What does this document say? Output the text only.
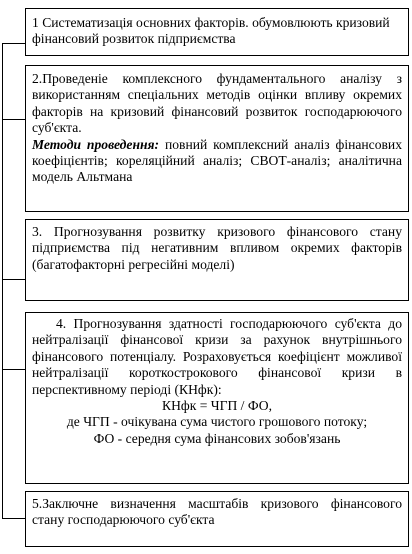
1 Систематизація основних факторів. обумовлюють кризовий фінансовий розвиток підприємства

2.Проведеніе комплексного фундаментального аналізу з використанням спеціальних методів оцінки впливу окремих факторів на кризовий фінансовий розвиток господарюючого суб'єкта.

Методи проведення: повний комплексний аналіз фінансових коефіцієнтів; кореляційний аналіз; СВОТ-аналіз; аналітична модель Альтмана

3. Прогнозування розвитку кризового фінансового стану підприємства під негативним впливом окремих факторів (багатофакторні регресійні моделі)

4. Прогнозування здатності господарюючого суб'єкта до нейтралізації фінансової кризи за рахунок внутрішнього фінансового потенціалу. Розраховується коефіцієнт можливої нейтралізації короткострокового фінансової кризи в перспективному періоді (КНфк):

КНфк = ЧГП / ФО,

де ЧГП - очікувана сума чистого грошового потоку;

ФО - середня сума фінансових зобов'язань

5.Заключне визначення масштабів кризового фінансового стану господарюючого суб'єкта
